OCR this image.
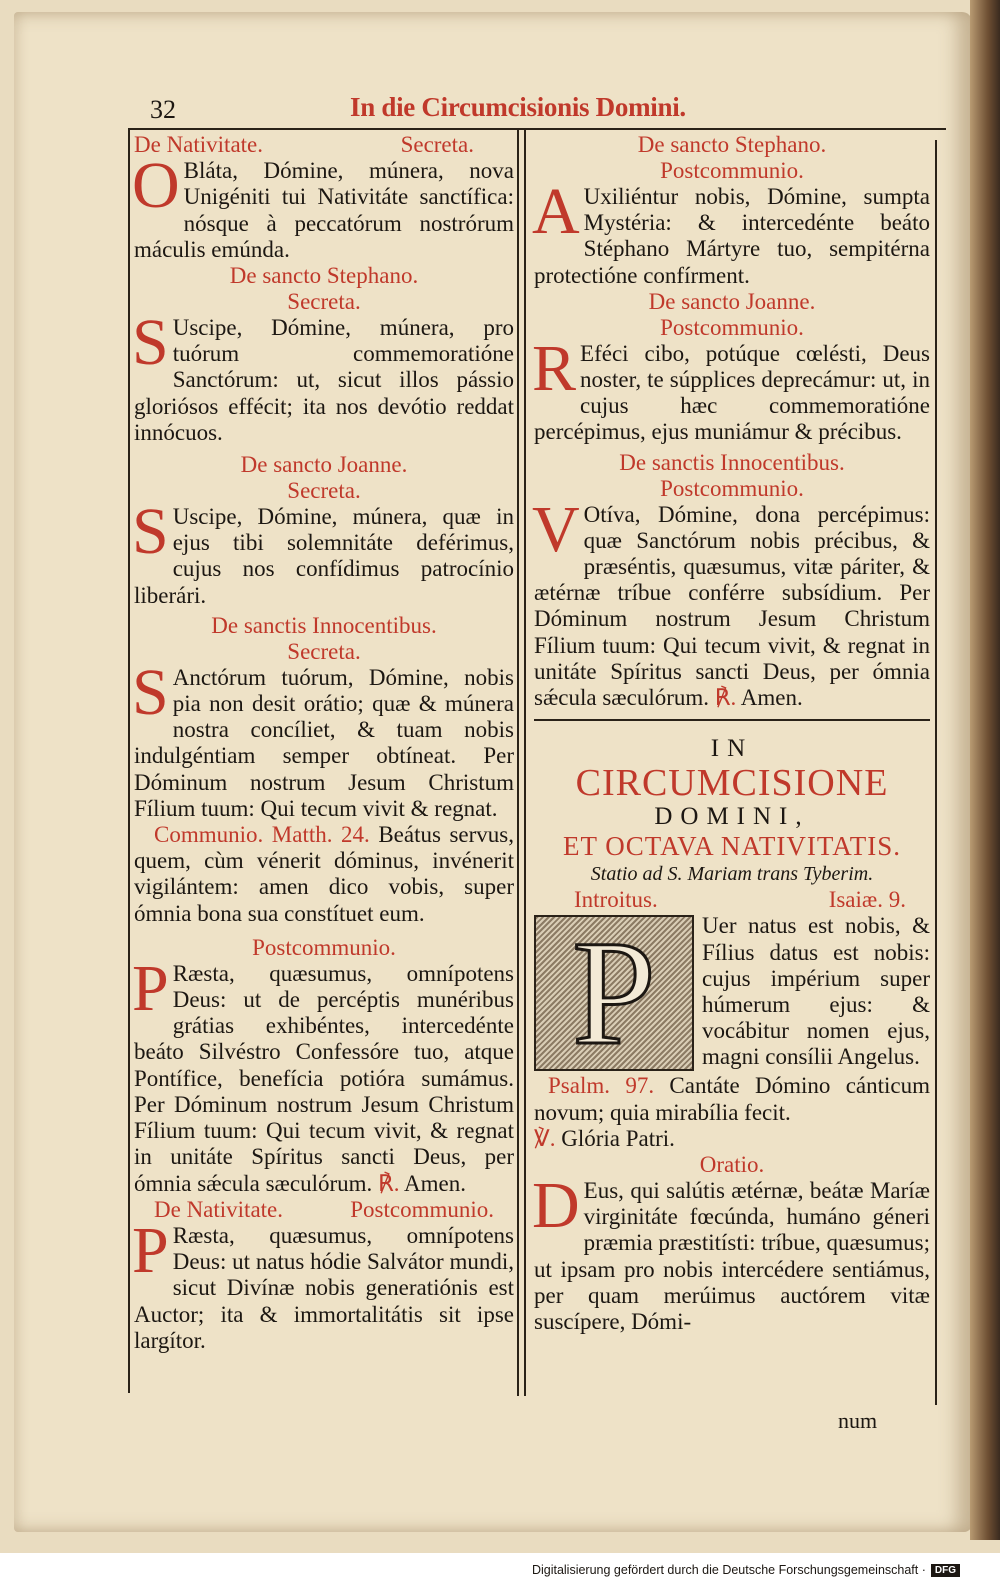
32	In die Circumcisionis Domini.
De Nativitate.	Secreta.

O Bláta, Dómine, múnera, nova Unigéniti tui Nativitáte sanctífica: nósque à peccatórum nostrórum máculis emúnda.

De sancto Stephano.
Secreta.

S Uscipe, Dómine, múnera, pro tuórum commemoratióne Sanctórum: ut, sicut illos pássio gloriósos effécit; ita nos devótio reddat innócuos.

De sancto Joanne.
Secreta.

S Uscipe, Dómine, múnera, quæ in ejus tibi solemnitáte deférimus, cujus nos confídimus patrocínio liberári.

De sanctis Innocentibus.
Secreta.

S Anctórum tuórum, Dómine, nobis pia non desit orátio; quæ & múnera nostra concíliet, & tuam nobis indulgéntiam semper obtíneat. Per Dóminum nostrum Jesum Christum Fílium tuum: Qui tecum vivit & regnat.

Communio. Matth. 24. Beátus servus, quem, cùm vénerit dóminus, invénerit vigilántem: amen dico vobis, super ómnia bona sua constítuet eum.

Postcommunio.

P Ræsta, quæsumus, omnípotens Deus: ut de percéptis munéribus grátias exhibéntes, intercedénte beáto Silvéstro Confessóre tuo, atque Pontífice, benefícia potióra sumámus. Per Dóminum nostrum Jesum Christum Fílium tuum: Qui tecum vivit, & regnat in unitáte Spíritus sancti Deus, per ómnia sǽcula sæculórum. ℟. Amen.

De Nativitate.	Postcommunio.

P Ræsta, quæsumus, omnípotens Deus: ut natus hódie Salvátor mundi, sicut Divínæ nobis generatiónis est Auctor; ita & immortalitátis sit ipse largítor.

De sancto Stephano.
Postcommunio.

A Uxiliéntur nobis, Dómine, sumpta Mystéria: & intercedénte beáto Stéphano Mártyre tuo, sempitérna protectióne confírment.

De sancto Joanne.
Postcommunio.

R Eféci cibo, potúque cœlésti, Deus noster, te súpplices deprecámur: ut, in cujus hæc commemoratióne percépimus, ejus muniámur & précibus.

De sanctis Innocentibus.
Postcommunio.

V Otíva, Dómine, dona percépimus: quæ Sanctórum nobis précibus, & præséntis, quæsumus, vitæ páriter, & ætérnæ tríbue conférre subsídium. Per Dóminum nostrum Jesum Christum Fílium tuum: Qui tecum vivit, & regnat in unitáte Spíritus sancti Deus, per ómnia sǽcula sæculórum. ℟. Amen.

IN
CIRCUMCISIONE
DOMINI,
ET OCTAVA NATIVITATIS.
Statio ad S. Mariam trans Tyberim.
Introitus.	Isaiæ. 9.

P	Uer natus est nobis, & Fílius datus est nobis: cujus impérium super húmerum ejus: & vocábitur nomen ejus, magni consílii Angelus.

Psalm. 97. Cantáte Dómino cánticum novum; quia mirabília fecit.

℣. Glória Patri.

Oratio.

D Eus, qui salútis ætérnæ, beátæ Maríæ virginitáte fœcúnda, humáno géneri præmia præstitísti: tríbue, quæsumus; ut ipsam pro nobis intercédere sentiámus, per quam merúimus auctórem vitæ suscípere, Dómi-

num
Digitalisierung gefördert durch die Deutsche Forschungsgemeinschaft · DFG
